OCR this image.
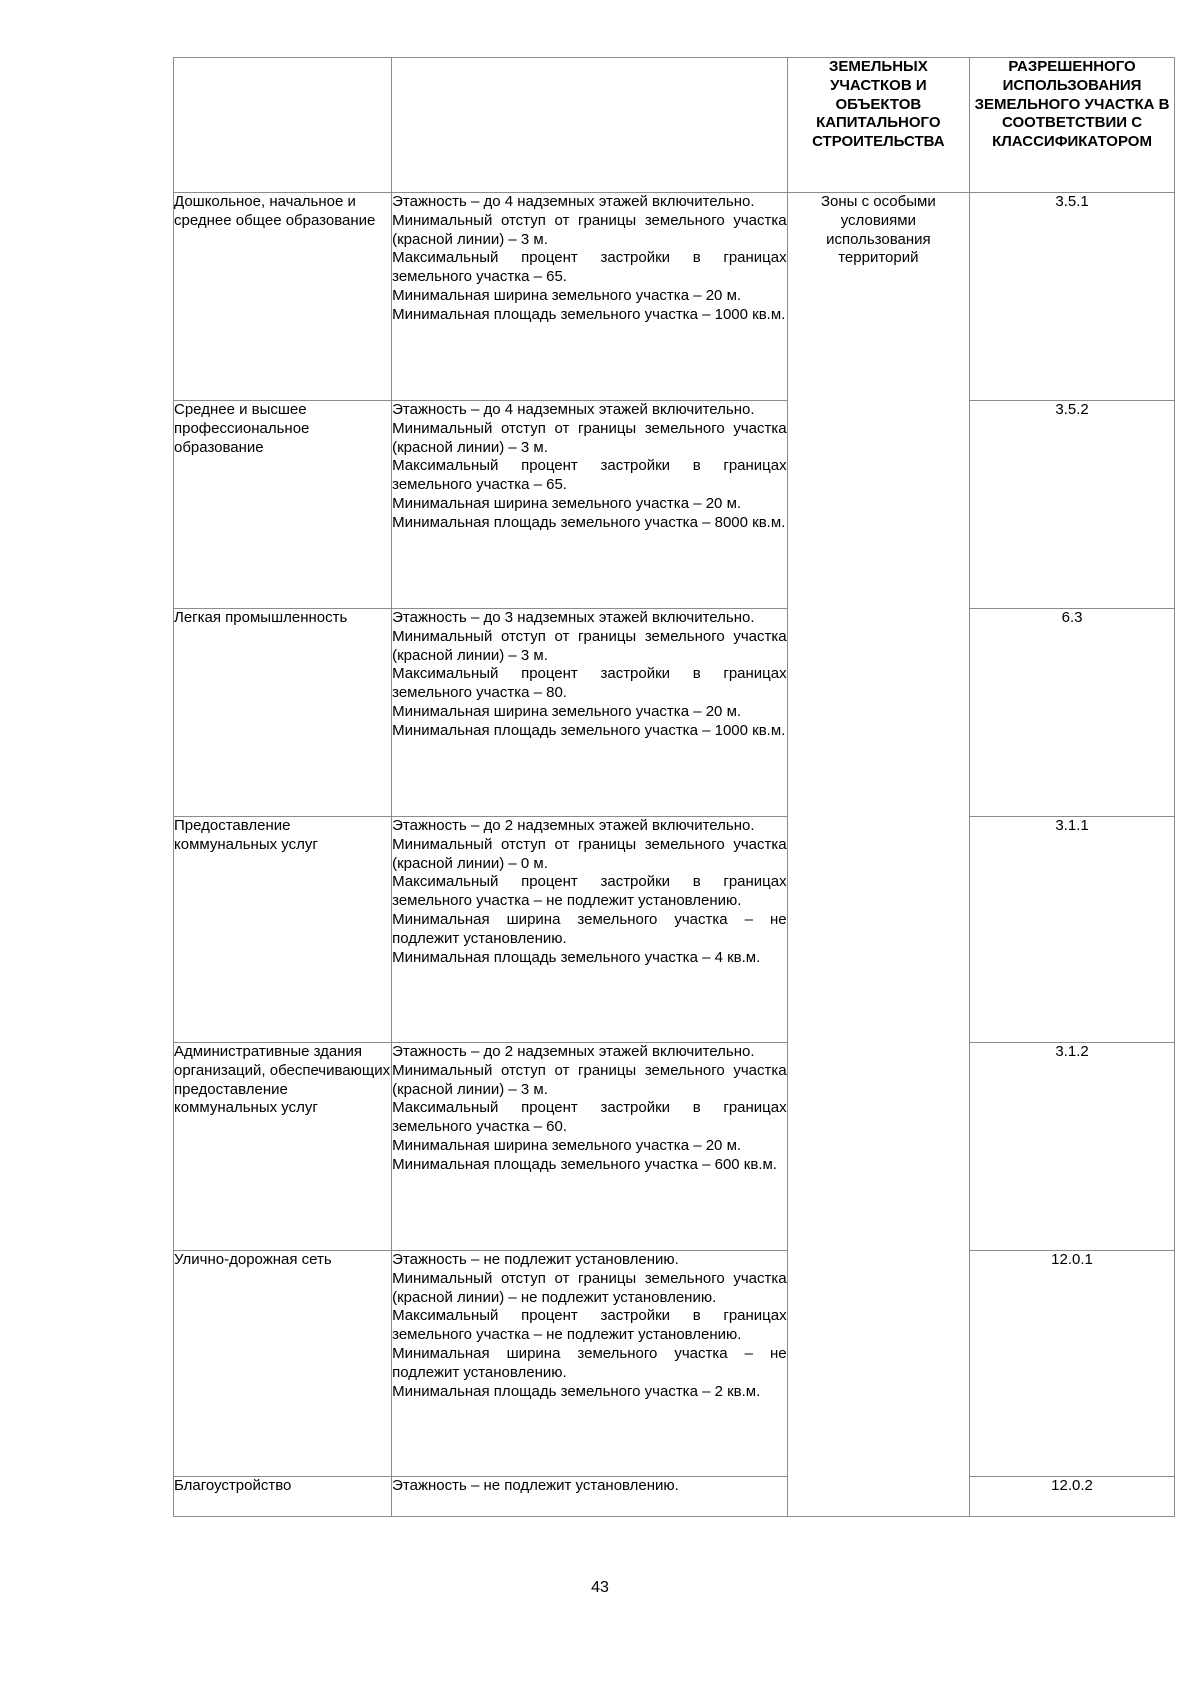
		ЗЕМЕЛЬНЫХ УЧАСТКОВ И ОБЪЕКТОВ КАПИТАЛЬНОГО СТРОИТЕЛЬСТВА	РАЗРЕШЕННОГО ИСПОЛЬЗОВАНИЯ ЗЕМЕЛЬНОГО УЧАСТКА В СООТВЕТСТВИИ С КЛАССИФИКАТОРОМ
Дошкольное, начальное и среднее общее образование	Этажность – до 4 надземных этажей включительно.
Минимальный отступ от границы земельного участка (красной линии) – 3 м.
Максимальный процент застройки в границах земельного участка – 65.
Минимальная ширина земельного участка – 20 м.
Минимальная площадь земельного участка – 1000 кв.м.	Зоны с особыми условиями использования территорий	3.5.1
Среднее и высшее профессиональное образование	Этажность – до 4 надземных этажей включительно.
Минимальный отступ от границы земельного участка (красной линии) – 3 м.
Максимальный процент застройки в границах земельного участка – 65.
Минимальная ширина земельного участка – 20 м.
Минимальная площадь земельного участка – 8000 кв.м.		3.5.2
Легкая промышленность	Этажность – до 3 надземных этажей включительно.
Минимальный отступ от границы земельного участка (красной линии) – 3 м.
Максимальный процент застройки в границах земельного участка – 80.
Минимальная ширина земельного участка – 20 м.
Минимальная площадь земельного участка – 1000 кв.м.		6.3
Предоставление коммунальных услуг	Этажность – до 2 надземных этажей включительно.
Минимальный отступ от границы земельного участка (красной линии) – 0 м.
Максимальный процент застройки в границах земельного участка – не подлежит установлению.
Минимальная ширина земельного участка – не подлежит установлению.
Минимальная площадь земельного участка – 4 кв.м.		3.1.1
Административные здания организаций, обеспечивающих предоставление коммунальных услуг	Этажность – до 2 надземных этажей включительно.
Минимальный отступ от границы земельного участка (красной линии) – 3 м.
Максимальный процент застройки в границах земельного участка – 60.
Минимальная ширина земельного участка – 20 м.
Минимальная площадь земельного участка – 600 кв.м.		3.1.2
Улично-дорожная сеть	Этажность – не подлежит установлению.
Минимальный отступ от границы земельного участка (красной линии) – не подлежит установлению.
Максимальный процент застройки в границах земельного участка – не подлежит установлению.
Минимальная ширина земельного участка – не подлежит установлению.
Минимальная площадь земельного участка – 2 кв.м.		12.0.1
Благоустройство	Этажность – не подлежит установлению.		12.0.2
43
